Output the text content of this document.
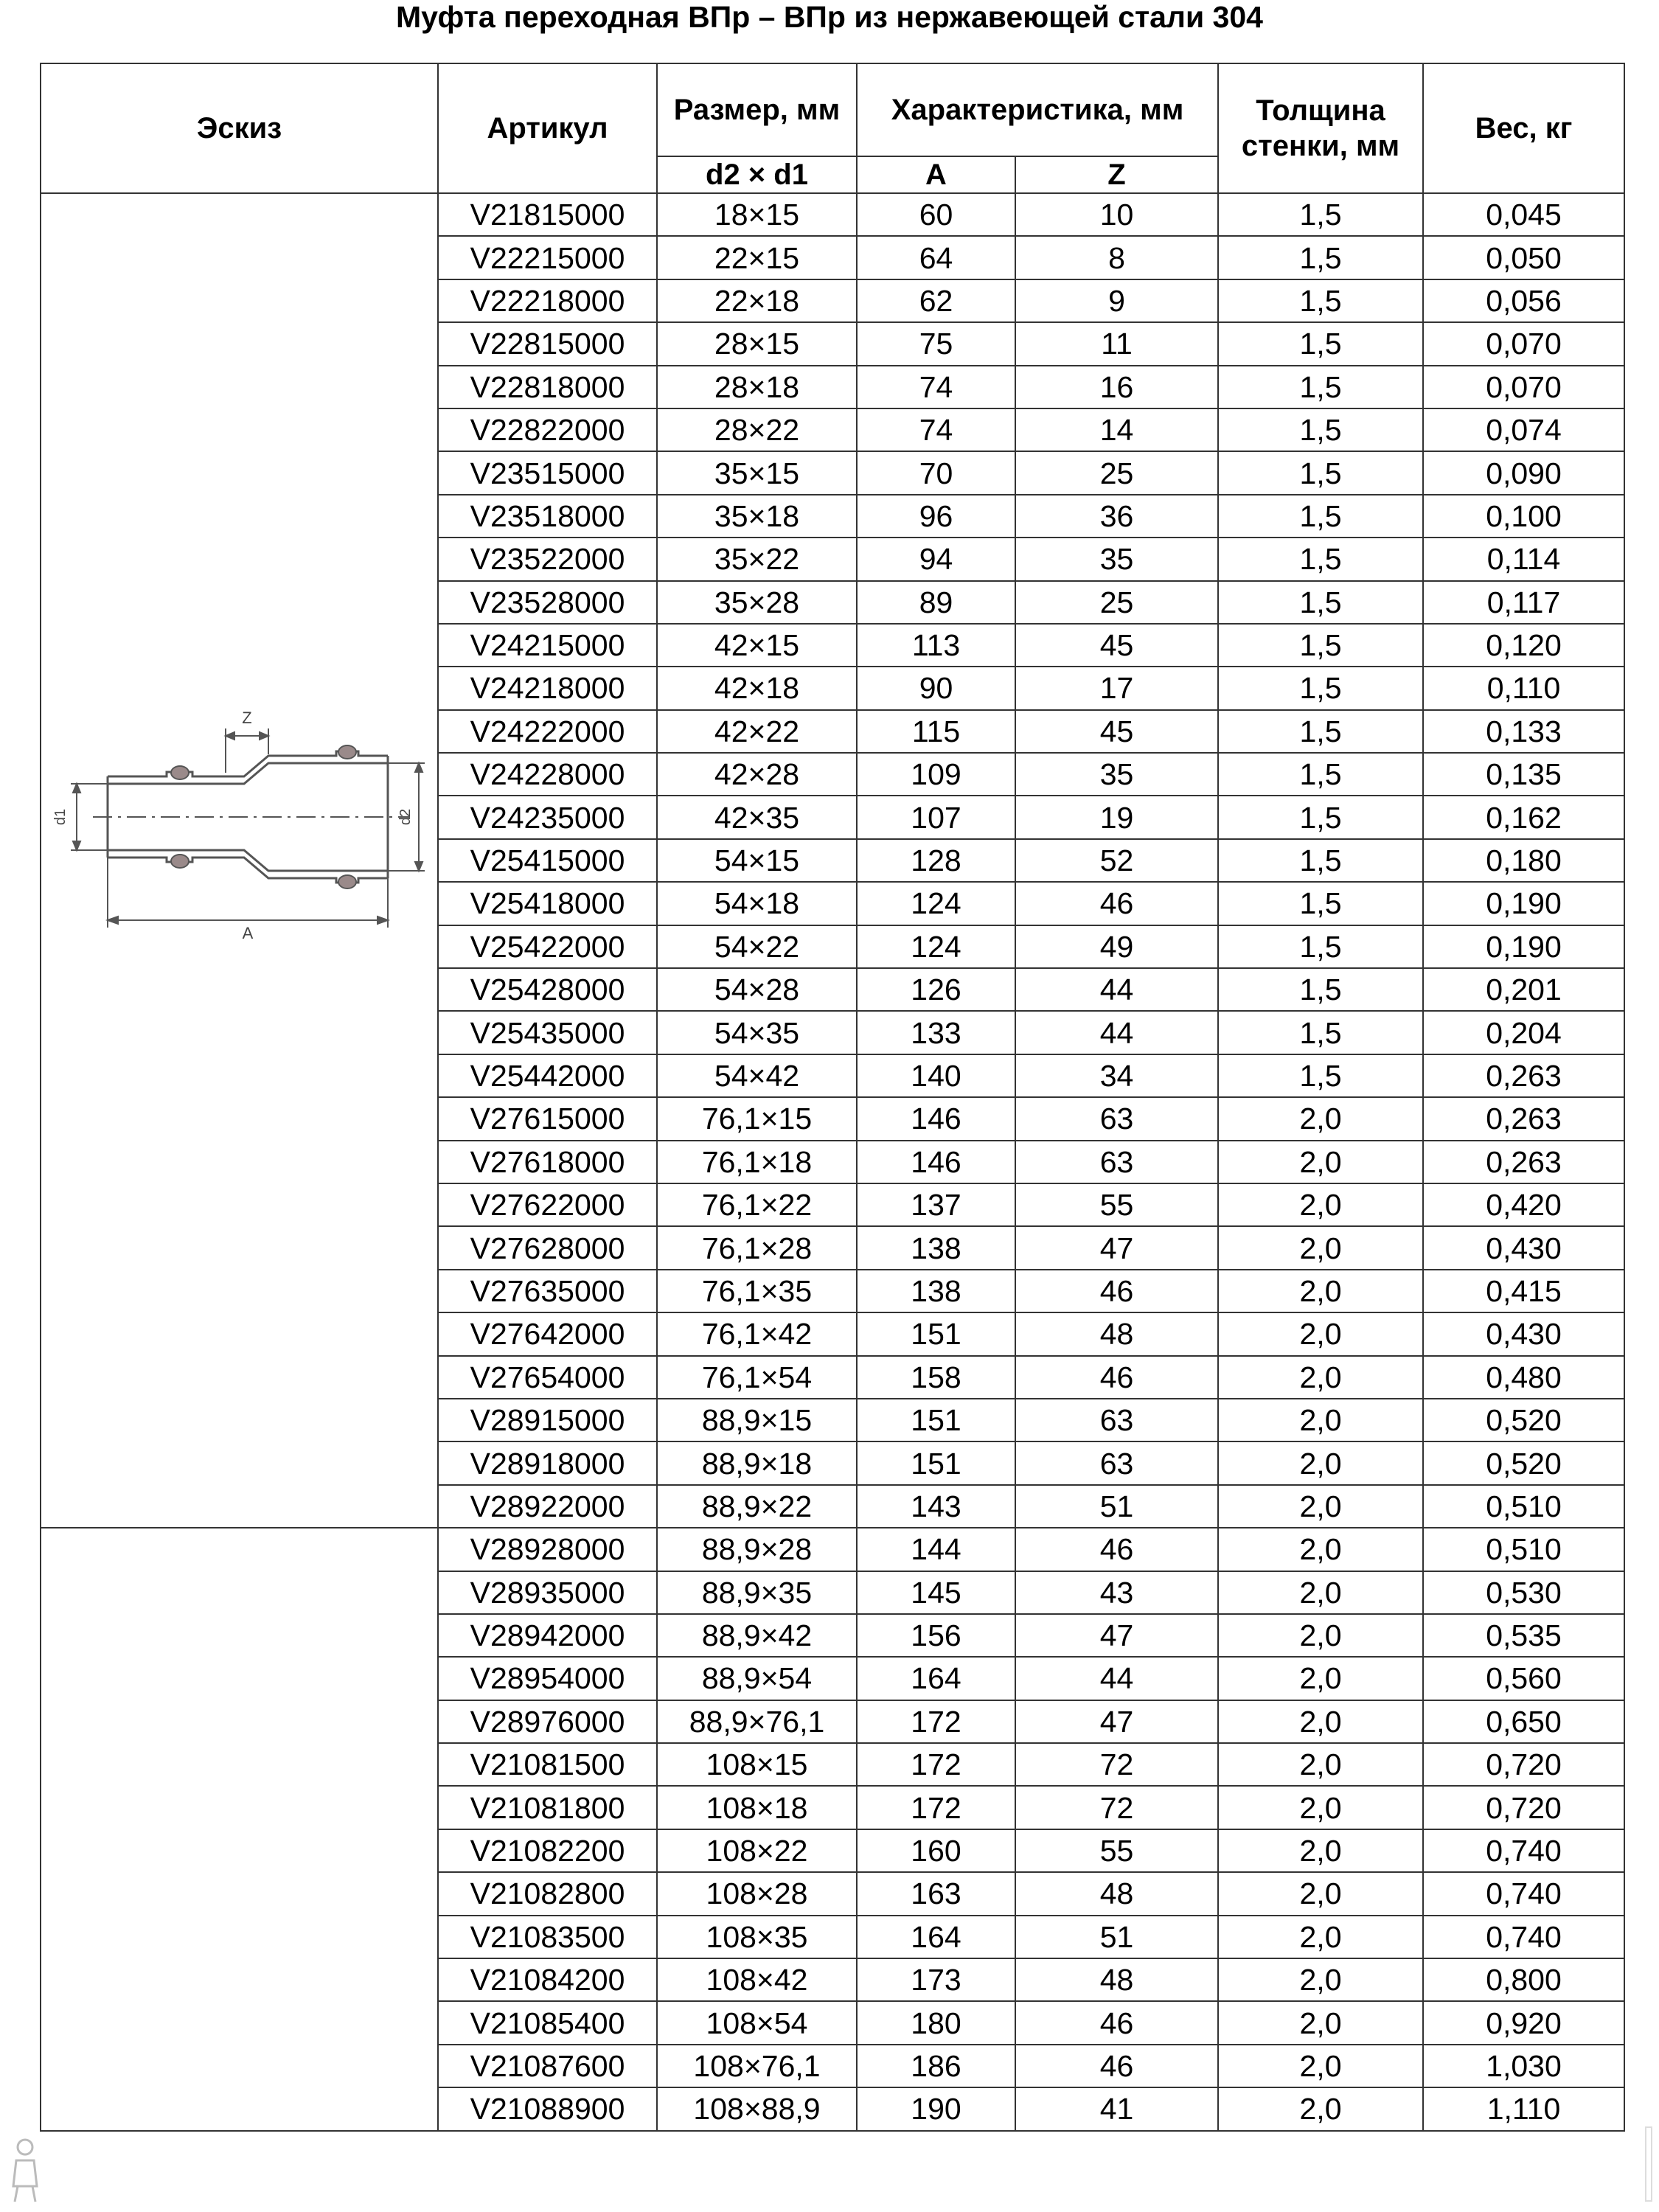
Муфта переходная ВПр – ВПр из нержавеющей стали 304
Эскиз	Артикул	Размер, мм	Характеристика, мм		Толщина стенки, мм	Вес, кг
		d2 × d1	A	Z		

Z
A
d1 d2	V21815000	18×15	60	10	1,5	0,045
	V22215000	22×15	64	8	1,5	0,050
	V22218000	22×18	62	9	1,5	0,056
	V22815000	28×15	75	11	1,5	0,070
	V22818000	28×18	74	16	1,5	0,070
	V22822000	28×22	74	14	1,5	0,074
	V23515000	35×15	70	25	1,5	0,090
	V23518000	35×18	96	36	1,5	0,100
	V23522000	35×22	94	35	1,5	0,114
	V23528000	35×28	89	25	1,5	0,117
	V24215000	42×15	113	45	1,5	0,120
	V24218000	42×18	90	17	1,5	0,110
	V24222000	42×22	115	45	1,5	0,133
	V24228000	42×28	109	35	1,5	0,135
	V24235000	42×35	107	19	1,5	0,162
	V25415000	54×15	128	52	1,5	0,180
	V25418000	54×18	124	46	1,5	0,190
	V25422000	54×22	124	49	1,5	0,190
	V25428000	54×28	126	44	1,5	0,201
	V25435000	54×35	133	44	1,5	0,204
	V25442000	54×42	140	34	1,5	0,263
	V27615000	76,1×15	146	63	2,0	0,263
	V27618000	76,1×18	146	63	2,0	0,263
	V27622000	76,1×22	137	55	2,0	0,420
	V27628000	76,1×28	138	47	2,0	0,430
	V27635000	76,1×35	138	46	2,0	0,415
	V27642000	76,1×42	151	48	2,0	0,430
	V27654000	76,1×54	158	46	2,0	0,480
	V28915000	88,9×15	151	63	2,0	0,520
	V28918000	88,9×18	151	63	2,0	0,520
	V28922000	88,9×22	143	51	2,0	0,510
	V28928000	88,9×28	144	46	2,0	0,510
	V28935000	88,9×35	145	43	2,0	0,530
	V28942000	88,9×42	156	47	2,0	0,535
	V28954000	88,9×54	164	44	2,0	0,560
	V28976000	88,9×76,1	172	47	2,0	0,650
	V21081500	108×15	172	72	2,0	0,720
	V21081800	108×18	172	72	2,0	0,720
	V21082200	108×22	160	55	2,0	0,740
	V21082800	108×28	163	48	2,0	0,740
	V21083500	108×35	164	51	2,0	0,740
	V21084200	108×42	173	48	2,0	0,800
	V21085400	108×54	180	46	2,0	0,920
	V21087600	108×76,1	186	46	2,0	1,030
	V21088900	108×88,9	190	41	2,0	1,110
